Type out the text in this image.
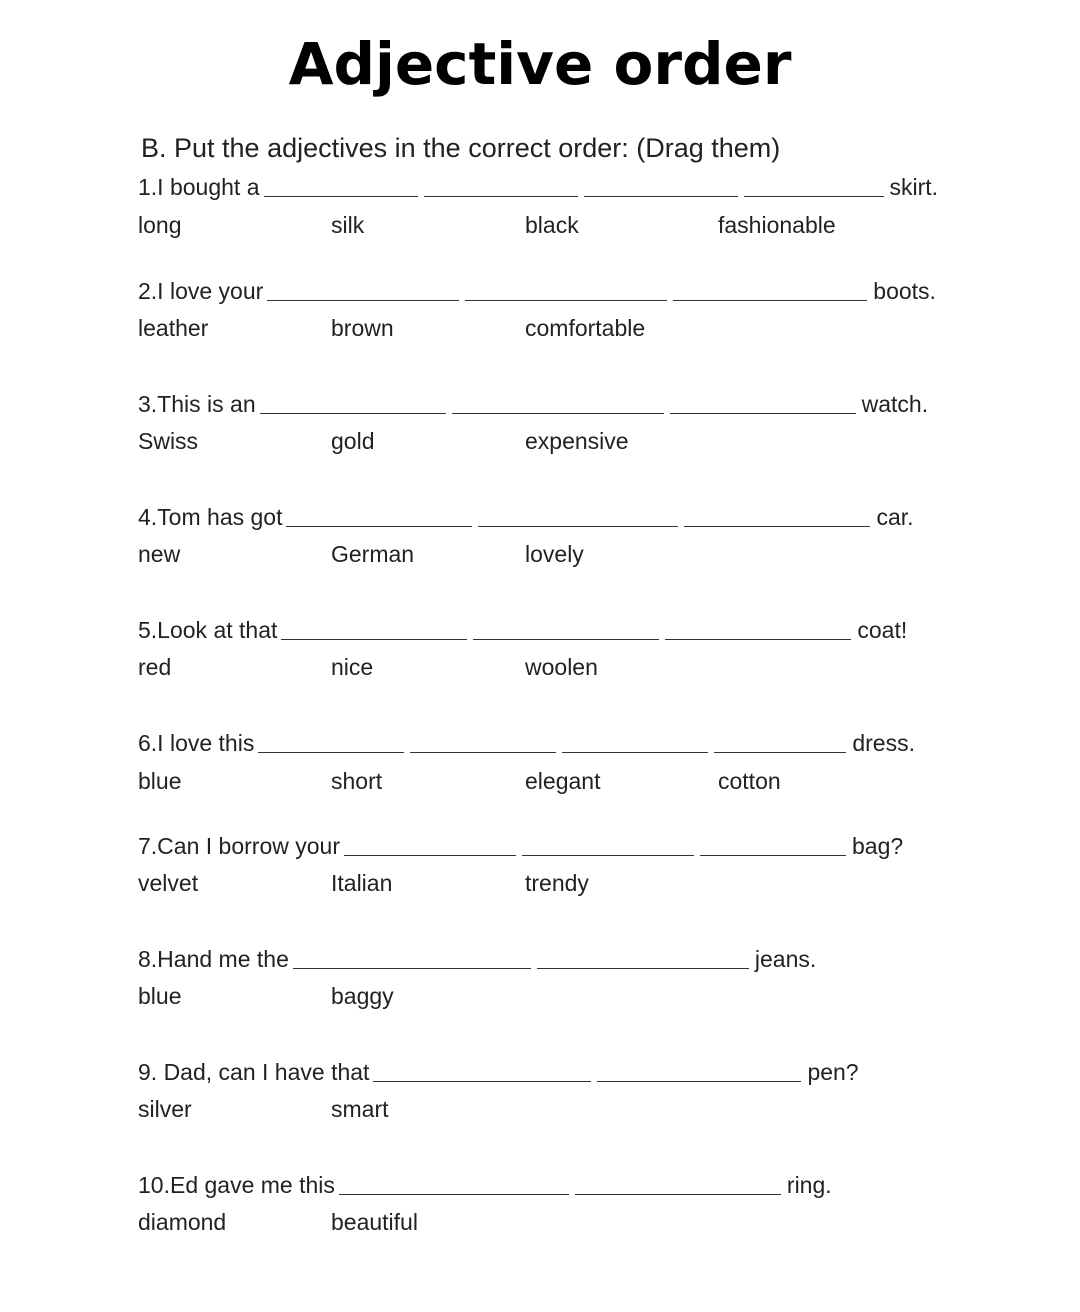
Adjective order
B. Put the adjectives in the correct order: (Drag them)
1.I bought a	skirt.
long	silk	black	fashionable
2.I love your	boots.
leather	brown	comfortable
3.This is an	watch.
Swiss	gold	expensive
4.Tom has got	car.
new	German	lovely
5.Look at that	coat!
red	nice	woolen
6.I love this	dress.
blue	short	elegant	cotton
7.Can I borrow your	bag?
velvet	Italian	trendy
8.Hand me the	jeans.
blue	baggy
9. Dad, can I have that	pen?
silver	smart
10.Ed gave me this	ring.
diamond	beautiful
